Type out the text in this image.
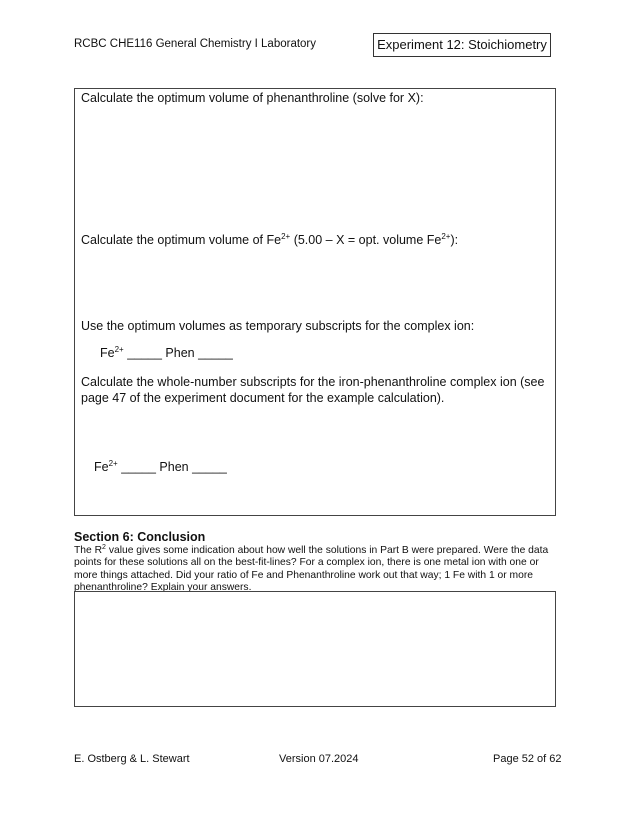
RCBC CHE116 General Chemistry I Laboratory	Experiment 12: Stoichiometry
Calculate the optimum volume of phenanthroline (solve for X):
Calculate the optimum volume of $Fe^{2+}$ (5.00 – X = opt. volume $Fe^{2+}$):
Use the optimum volumes as temporary subscripts for the complex ion:
$Fe^{2+}$ _____ Phen _____
Calculate the whole-number subscripts for the iron-phenanthroline complex ion (see
page 47 of the experiment document for the example calculation).
$Fe^{2+}$ _____ Phen _____
Section 6: Conclusion
The $R^2$ value gives some indication about how well the solutions in Part B were prepared. Were the data
points for these solutions all on the best-fit-lines? For a complex ion, there is one metal ion with one or
more things attached. Did your ratio of Fe and Phenanthroline work out that way; 1 Fe with 1 or more
phenanthroline? Explain your answers.
E. Ostberg & L. Stewart	Version 07.2024	Page 52 of 62
